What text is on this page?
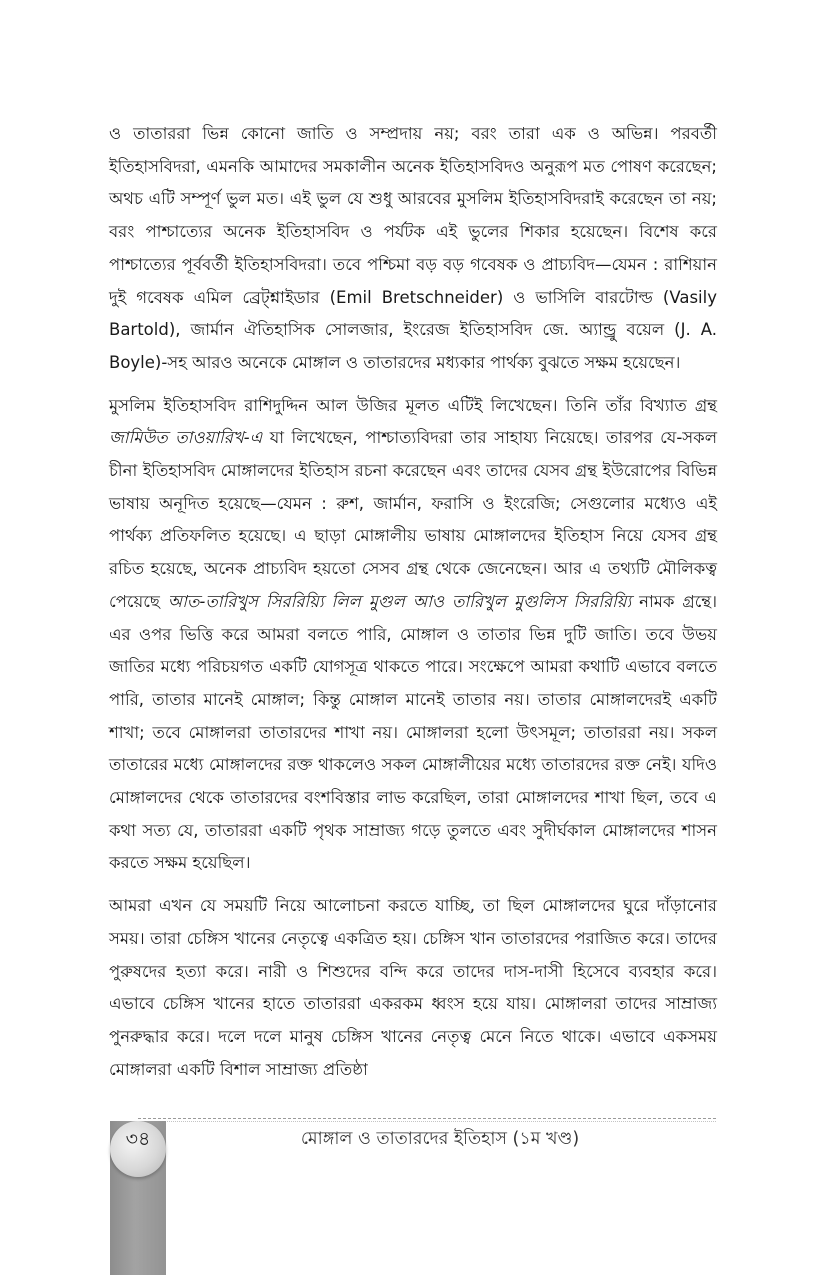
ও তাতাররা ভিন্ন কোনো জাতি ও সম্প্রদায় নয়; বরং তারা এক ও অভিন্ন। পরবর্তী ইতিহাসবিদরা, এমনকি আমাদের সমকালীন অনেক ইতিহাসবিদও অনুরূপ মত পোষণ করেছেন; অথচ এটি সম্পূর্ণ ভুল মত। এই ভুল যে শুধু আরবের মুসলিম ইতিহাসবিদরাই করেছেন তা নয়; বরং পাশ্চাত্যের অনেক ইতিহাসবিদ ও পর্যটক এই ভুলের শিকার হয়েছেন। বিশেষ করে পাশ্চাত্যের পূর্ববর্তী ইতিহাসবিদরা। তবে পশ্চিমা বড় বড় গবেষক ও প্রাচ্যবিদ—যেমন : রাশিয়ান দুই গবেষক এমিল ব্রেট্শ্নাইডার (Emil Bretschneider) ও ভাসিলি বারটোল্ড (Vasily Bartold), জার্মান ঐতিহাসিক সোলজার, ইংরেজ ইতিহাসবিদ জে. অ্যান্ড্রু বয়েল (J. A. Boyle)-সহ আরও অনেকে মোঙ্গাল ও তাতারদের মধ্যকার পার্থক্য বুঝতে সক্ষম হয়েছেন।

মুসলিম ইতিহাসবিদ রাশিদুদ্দিন আল উজির মূলত এটিই লিখেছেন। তিনি তাঁর বিখ্যাত গ্রন্থ জামিউত তাওয়ারিখ-এ যা লিখেছেন, পাশ্চাত্যবিদরা তার সাহায্য নিয়েছে। তারপর যে-সকল চীনা ইতিহাসবিদ মোঙ্গালদের ইতিহাস রচনা করেছেন এবং তাদের যেসব গ্রন্থ ইউরোপের বিভিন্ন ভাষায় অনূদিত হয়েছে—যেমন : রুশ, জার্মান, ফরাসি ও ইংরেজি; সেগুলোর মধ্যেও এই পার্থক্য প্রতিফলিত হয়েছে। এ ছাড়া মোঙ্গালীয় ভাষায় মোঙ্গালদের ইতিহাস নিয়ে যেসব গ্রন্থ রচিত হয়েছে, অনেক প্রাচ্যবিদ হয়তো সেসব গ্রন্থ থেকে জেনেছেন। আর এ তথ্যটি মৌলিকত্ব পেয়েছে আত-তারিখুস সিররিয়্যি লিল মুগুল আও তারিখুল মুগুলিস সিররিয়্যি নামক গ্রন্থে। এর ওপর ভিত্তি করে আমরা বলতে পারি, মোঙ্গাল ও তাতার ভিন্ন দুটি জাতি। তবে উভয় জাতির মধ্যে পরিচয়গত একটি যোগসূত্র থাকতে পারে। সংক্ষেপে আমরা কথাটি এভাবে বলতে পারি, তাতার মানেই মোঙ্গাল; কিন্তু মোঙ্গাল মানেই তাতার নয়। তাতার মোঙ্গালদেরই একটি শাখা; তবে মোঙ্গালরা তাতারদের শাখা নয়। মোঙ্গালরা হলো উৎসমূল; তাতাররা নয়। সকল তাতারের মধ্যে মোঙ্গালদের রক্ত থাকলেও সকল মোঙ্গালীয়ের মধ্যে তাতারদের রক্ত নেই। যদিও মোঙ্গালদের থেকে তাতারদের বংশবিস্তার লাভ করেছিল, তারা মোঙ্গালদের শাখা ছিল, তবে এ কথা সত্য যে, তাতাররা একটি পৃথক সাম্রাজ্য গড়ে তুলতে এবং সুদীর্ঘকাল মোঙ্গালদের শাসন করতে সক্ষম হয়েছিল।

আমরা এখন যে সময়টি নিয়ে আলোচনা করতে যাচ্ছি, তা ছিল মোঙ্গালদের ঘুরে দাঁড়ানোর সময়। তারা চেঙ্গিস খানের নেতৃত্বে একত্রিত হয়। চেঙ্গিস খান তাতারদের পরাজিত করে। তাদের পুরুষদের হত্যা করে। নারী ও শিশুদের বন্দি করে তাদের দাস-দাসী হিসেবে ব্যবহার করে। এভাবে চেঙ্গিস খানের হাতে তাতাররা একরকম ধ্বংস হয়ে যায়। মোঙ্গালরা তাদের সাম্রাজ্য পুনরুদ্ধার করে। দলে দলে মানুষ চেঙ্গিস খানের নেতৃত্ব মেনে নিতে থাকে। এভাবে একসময় মোঙ্গালরা একটি বিশাল সাম্রাজ্য প্রতিষ্ঠা

৩৪	মোঙ্গাল ও তাতারদের ইতিহাস (১ম খণ্ড)
